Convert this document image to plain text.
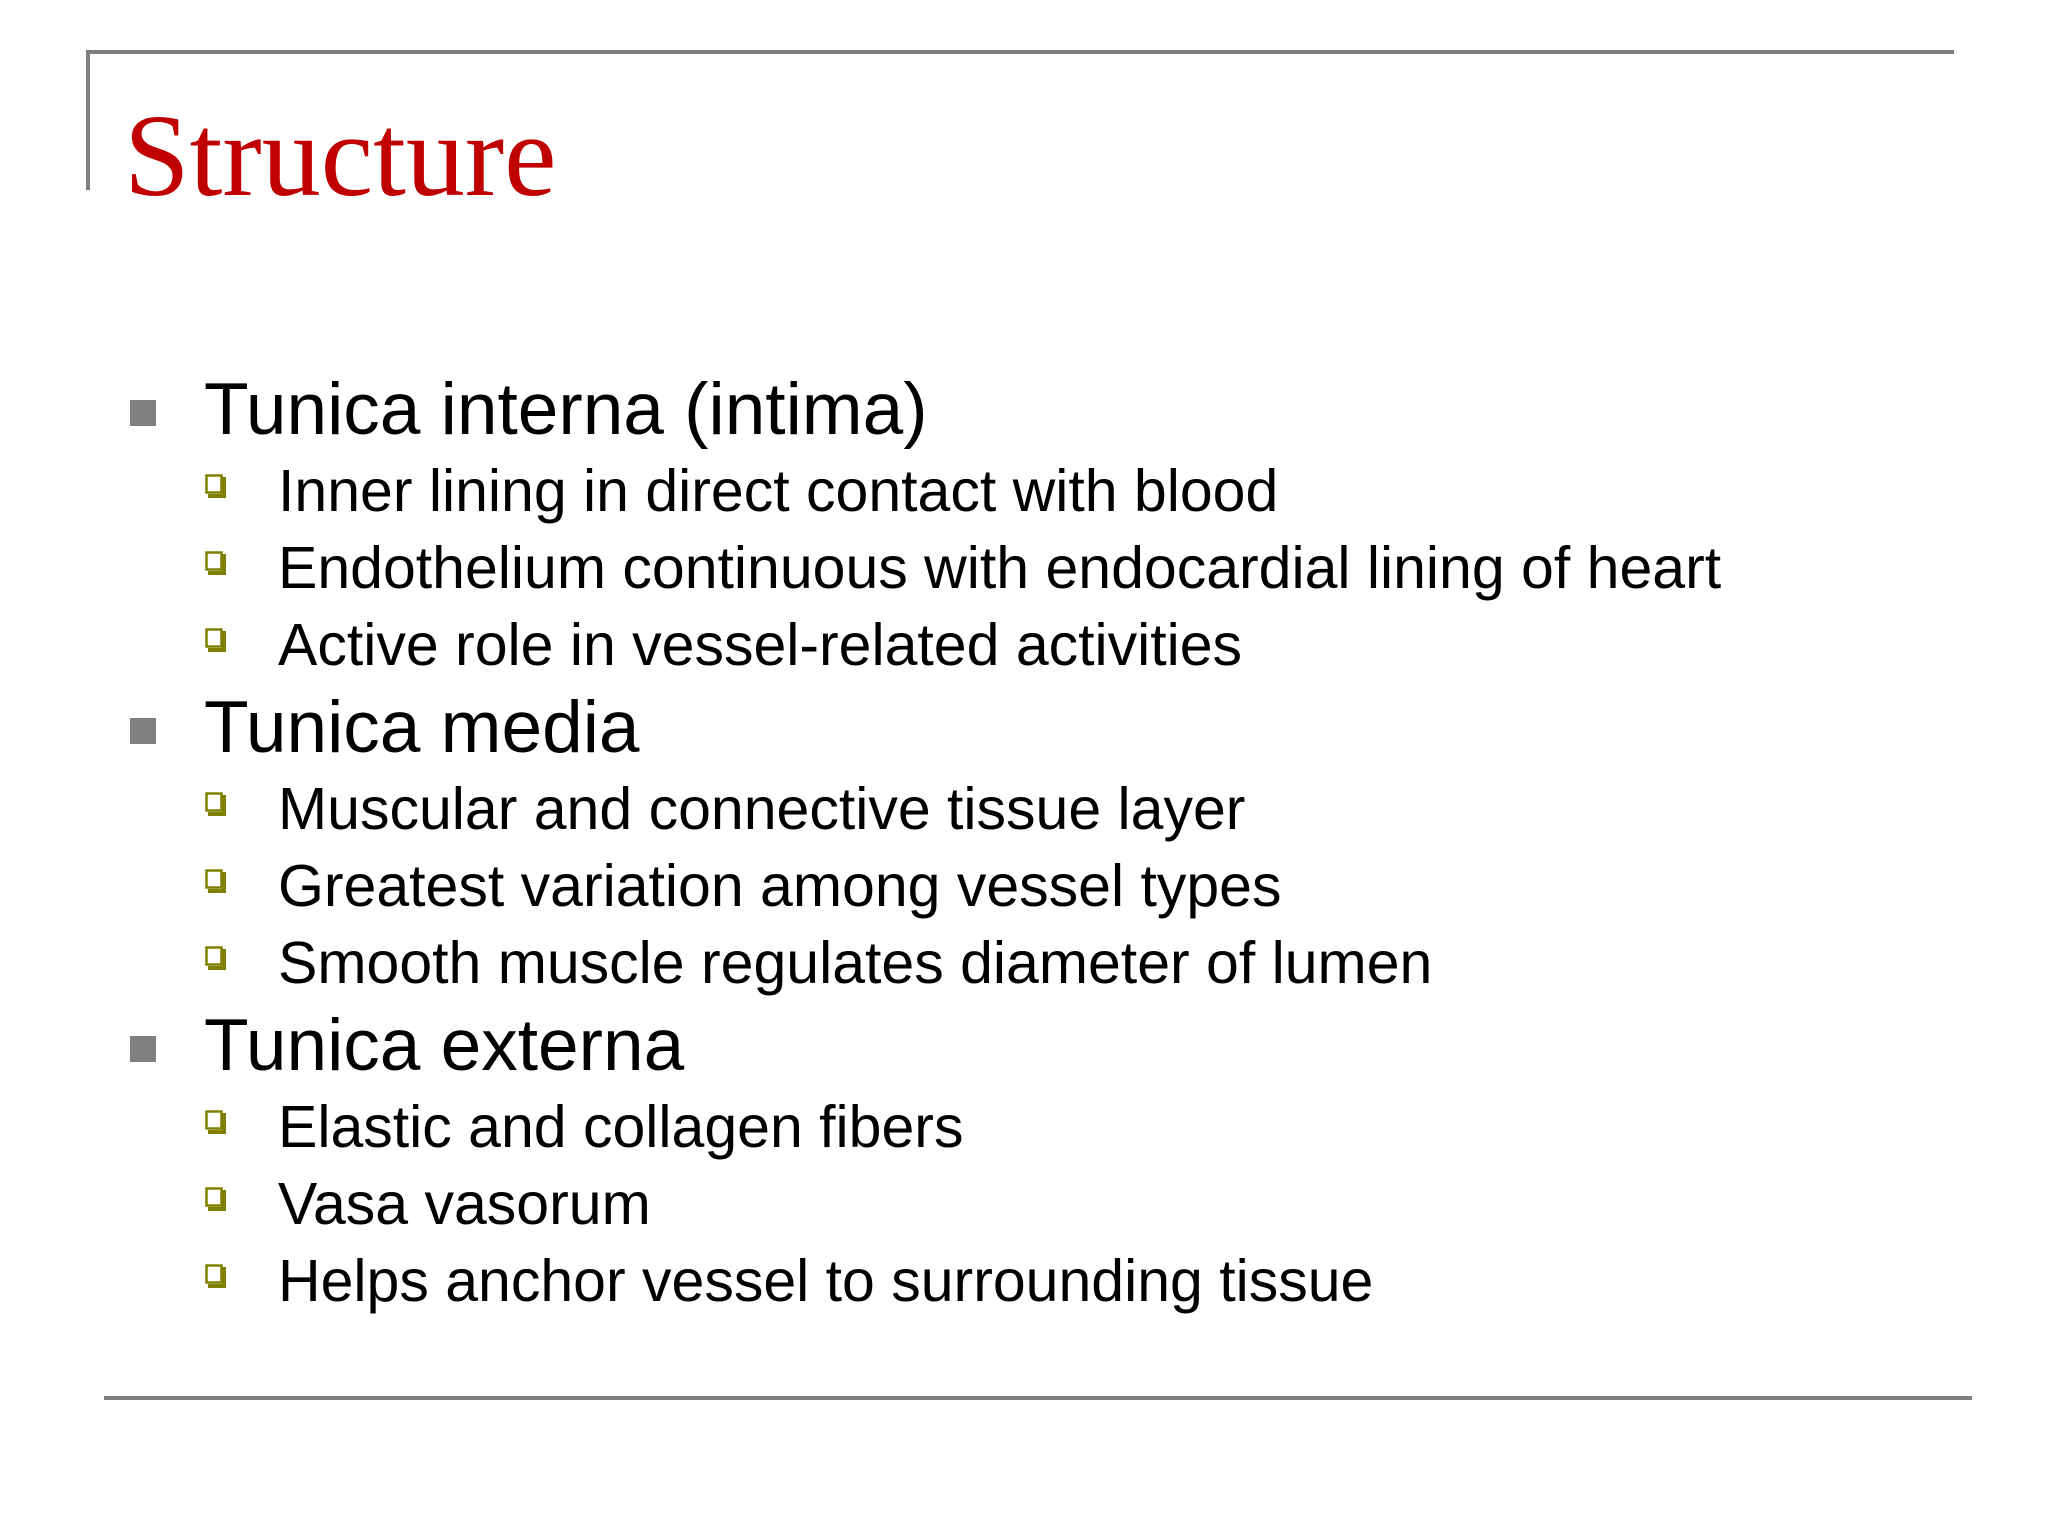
Structure
Tunica interna (intima)
Inner lining in direct contact with blood
Endothelium continuous with endocardial lining of heart
Active role in vessel-related activities
Tunica media
Muscular and connective tissue layer
Greatest variation among vessel types
Smooth muscle regulates diameter of lumen
Tunica externa
Elastic and collagen fibers
Vasa vasorum
Helps anchor vessel to surrounding tissue
